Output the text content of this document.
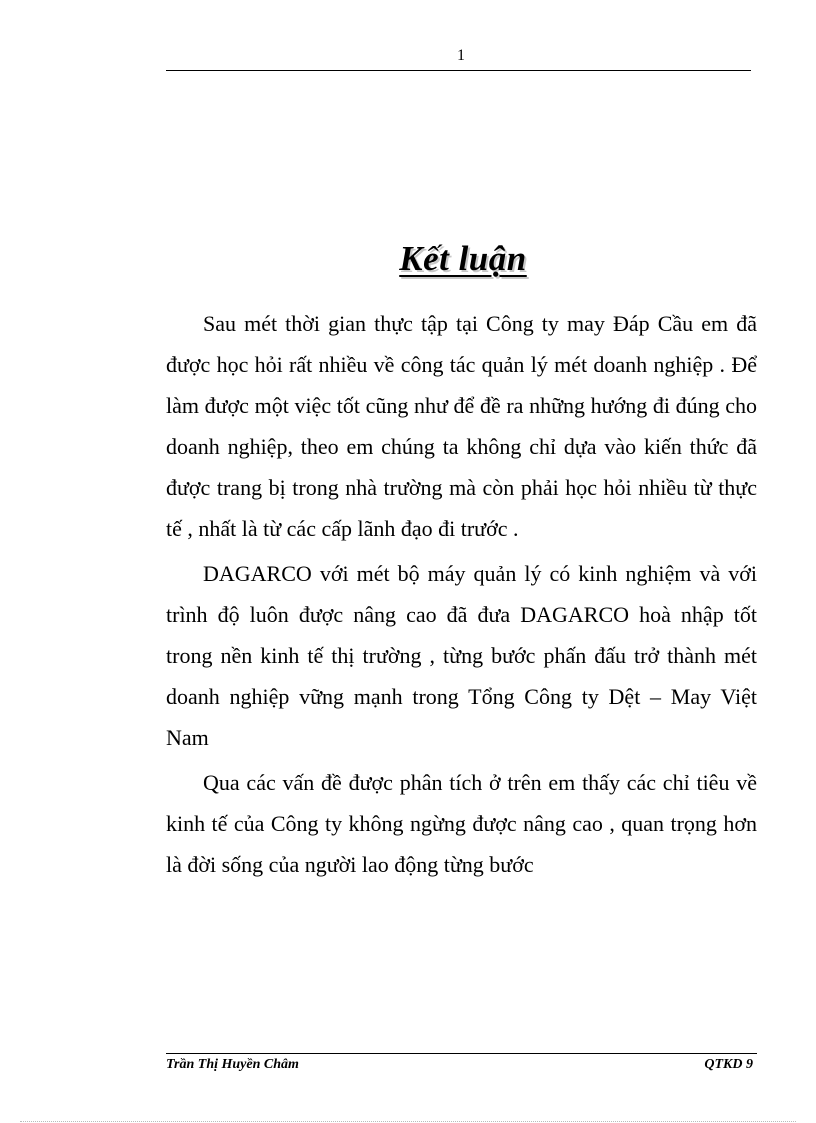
1
Kết luận

Sau mét thời gian thực tập tại Công ty may Đáp Cầu em đã được học hỏi rất nhiều về công tác quản lý mét doanh nghiệp . Để làm được một việc tốt cũng như để đề ra những hướng đi đúng cho doanh nghiệp, theo em chúng ta không chỉ dựa vào kiến thức đã được trang bị trong nhà trường mà còn phải học hỏi nhiều từ thực tế , nhất là từ các cấp lãnh đạo đi trước .

DAGARCO với mét bộ máy quản lý có kinh nghiệm và với trình độ luôn được nâng cao đã đưa DAGARCO hoà nhập tốt trong nền kinh tế thị trường , từng bước phấn đấu trở thành mét doanh nghiệp vững mạnh trong Tổng Công ty Dệt – May Việt Nam

Qua các vấn đề được phân tích ở trên em thấy các chỉ tiêu về kinh tế của Công ty không ngừng được nâng cao , quan trọng hơn là đời sống của người lao động từng bước

Trần Thị Huyền Châm	QTKD 9
